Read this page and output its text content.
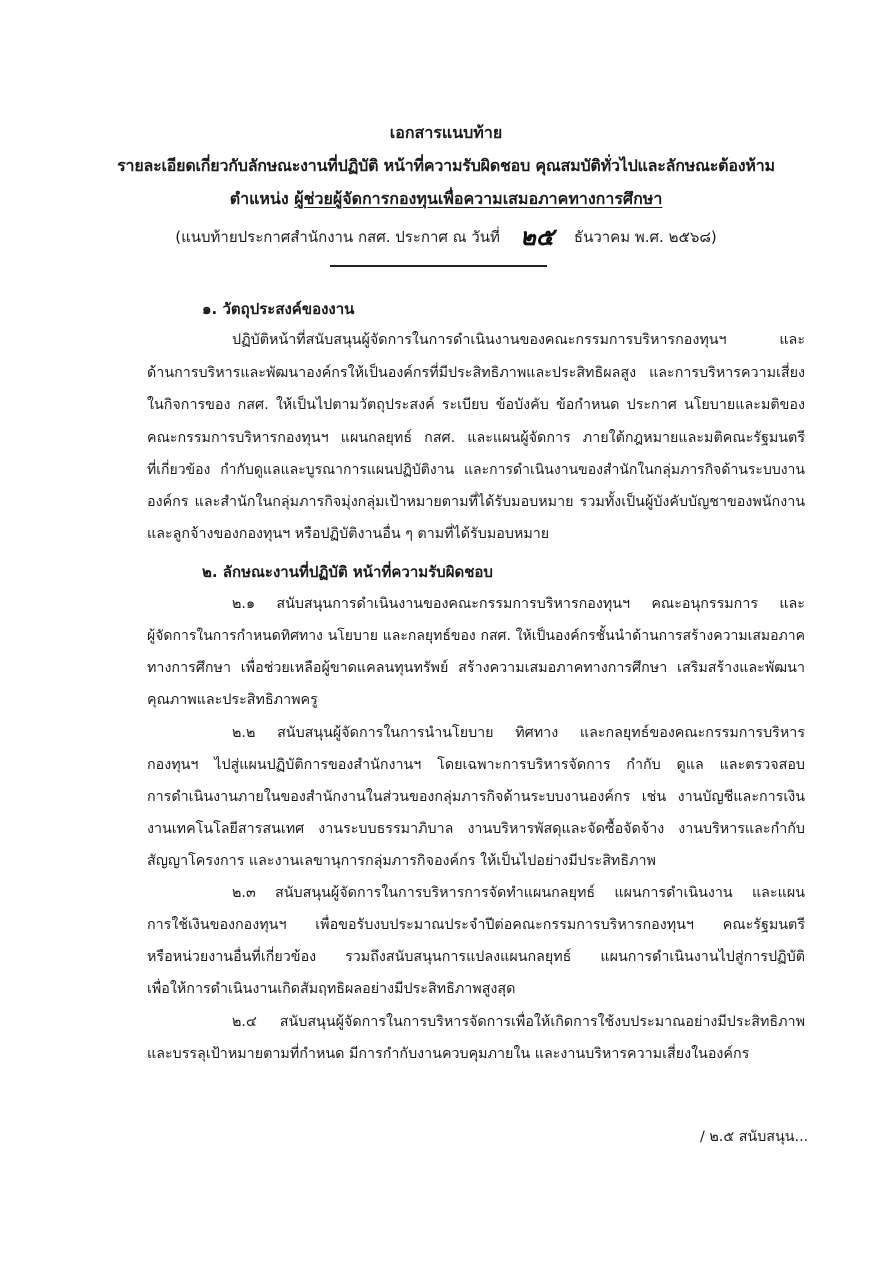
เอกสารแนบท้าย
รายละเอียดเกี่ยวกับลักษณะงานที่ปฏิบัติ หน้าที่ความรับผิดชอบ คุณสมบัติทั่วไปและลักษณะต้องห้าม
ตำแหน่ง ผู้ช่วยผู้จัดการกองทุนเพื่อความเสมอภาคทางการศึกษา
(แนบท้ายประกาศสำนักงาน กสศ. ประกาศ ณ วันที่ ๒๕ ธันวาคม พ.ศ. ๒๕๖๘)
๑. วัตถุประสงค์ของงาน
ปฏิบัติหน้าที่สนับสนุนผู้จัดการในการดำเนินงานของคณะกรรมการบริหารกองทุนฯ และ
ด้านการบริหารและพัฒนาองค์กรให้เป็นองค์กรที่มีประสิทธิภาพและประสิทธิผลสูง และการบริหารความเสี่ยง
ในกิจการของ กสศ. ให้เป็นไปตามวัตถุประสงค์ ระเบียบ ข้อบังคับ ข้อกำหนด ประกาศ นโยบายและมติของ
คณะกรรมการบริหารกองทุนฯ แผนกลยุทธ์ กสศ. และแผนผู้จัดการ ภายใต้กฎหมายและมติคณะรัฐมนตรี
ที่เกี่ยวข้อง กำกับดูแลและบูรณาการแผนปฏิบัติงาน และการดำเนินงานของสำนักในกลุ่มภารกิจด้านระบบงาน
องค์กร และสำนักในกลุ่มภารกิจมุ่งกลุ่มเป้าหมายตามที่ได้รับมอบหมาย รวมทั้งเป็นผู้บังคับบัญชาของพนักงาน
และลูกจ้างของกองทุนฯ หรือปฏิบัติงานอื่น ๆ ตามที่ได้รับมอบหมาย
๒. ลักษณะงานที่ปฏิบัติ หน้าที่ความรับผิดชอบ
๒.๑ สนับสนุนการดำเนินงานของคณะกรรมการบริหารกองทุนฯ คณะอนุกรรมการ และ
ผู้จัดการในการกำหนดทิศทาง นโยบาย และกลยุทธ์ของ กสศ. ให้เป็นองค์กรชั้นนำด้านการสร้างความเสมอภาค
ทางการศึกษา เพื่อช่วยเหลือผู้ขาดแคลนทุนทรัพย์ สร้างความเสมอภาคทางการศึกษา เสริมสร้างและพัฒนา
คุณภาพและประสิทธิภาพครู
๒.๒ สนับสนุนผู้จัดการในการนำนโยบาย ทิศทาง และกลยุทธ์ของคณะกรรมการบริหาร
กองทุนฯ ไปสู่แผนปฏิบัติการของสำนักงานฯ โดยเฉพาะการบริหารจัดการ กำกับ ดูแล และตรวจสอบ
การดำเนินงานภายในของสำนักงานในส่วนของกลุ่มภารกิจด้านระบบงานองค์กร เช่น งานบัญชีและการเงิน
งานเทคโนโลยีสารสนเทศ งานระบบธรรมาภิบาล งานบริหารพัสดุและจัดซื้อจัดจ้าง งานบริหารและกำกับ
สัญญาโครงการ และงานเลขานุการกลุ่มภารกิจองค์กร ให้เป็นไปอย่างมีประสิทธิภาพ
๒.๓ สนับสนุนผู้จัดการในการบริหารการจัดทำแผนกลยุทธ์ แผนการดำเนินงาน และแผน
การใช้เงินของกองทุนฯ เพื่อขอรับงบประมาณประจำปีต่อคณะกรรมการบริหารกองทุนฯ คณะรัฐมนตรี
หรือหน่วยงานอื่นที่เกี่ยวข้อง รวมถึงสนับสนุนการแปลงแผนกลยุทธ์ แผนการดำเนินงานไปสู่การปฏิบัติ
เพื่อให้การดำเนินงานเกิดสัมฤทธิผลอย่างมีประสิทธิภาพสูงสุด
๒.๔ สนับสนุนผู้จัดการในการบริหารจัดการเพื่อให้เกิดการใช้งบประมาณอย่างมีประสิทธิภาพ
และบรรลุเป้าหมายตามที่กำหนด มีการกำกับงานควบคุมภายใน และงานบริหารความเสี่ยงในองค์กร
/ ๒.๕ สนับสนุน...
